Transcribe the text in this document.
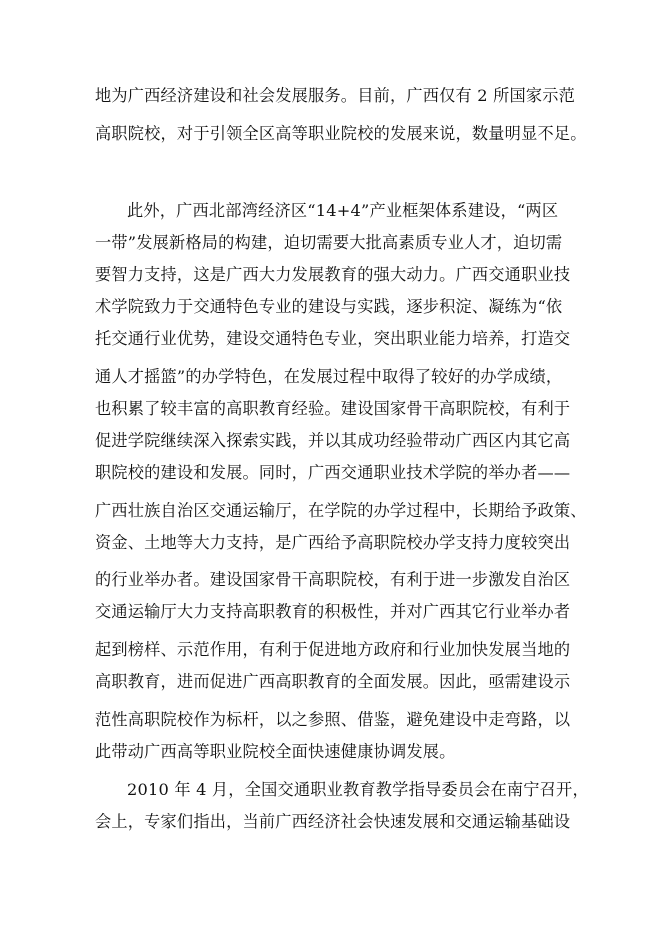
地为广西经济建设和社会发展服务。目前，广西仅有 2 所国家示范
高职院校，对于引领全区高等职业院校的发展来说，数量明显不足。
此外，广西北部湾经济区“14+4”产业框架体系建设，“两区
一带”发展新格局的构建，迫切需要大批高素质专业人才，迫切需
要智力支持，这是广西大力发展教育的强大动力。广西交通职业技
术学院致力于交通特色专业的建设与实践，逐步积淀、凝练为“依
托交通行业优势，建设交通特色专业，突出职业能力培养，打造交
通人才摇篮”的办学特色，在发展过程中取得了较好的办学成绩，
也积累了较丰富的高职教育经验。建设国家骨干高职院校，有利于
促进学院继续深入探索实践，并以其成功经验带动广西区内其它高
职院校的建设和发展。同时，广西交通职业技术学院的举办者——
广西壮族自治区交通运输厅，在学院的办学过程中，长期给予政策、
资金、土地等大力支持，是广西给予高职院校办学支持力度较突出
的行业举办者。建设国家骨干高职院校，有利于进一步激发自治区
交通运输厅大力支持高职教育的积极性，并对广西其它行业举办者
起到榜样、示范作用，有利于促进地方政府和行业加快发展当地的
高职教育，进而促进广西高职教育的全面发展。因此，亟需建设示
范性高职院校作为标杆，以之参照、借鉴，避免建设中走弯路，以
此带动广西高等职业院校全面快速健康协调发展。
2010 年 4 月，全国交通职业教育教学指导委员会在南宁召开，
会上，专家们指出，当前广西经济社会快速发展和交通运输基础设
